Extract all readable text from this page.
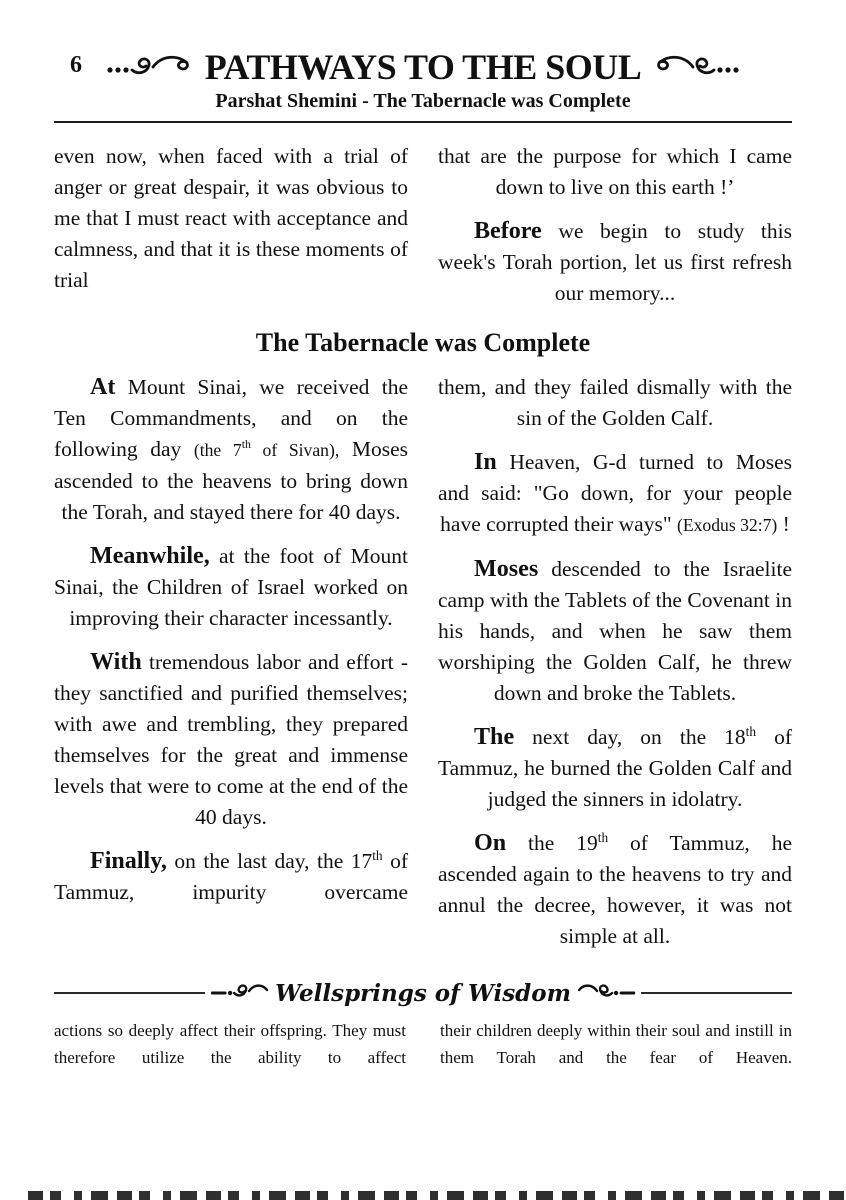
6	PATHWAYS TO THE SOUL
Parshat Shemini - The Tabernacle was Complete

even now, when faced with a trial of anger or great despair, it was obvious to me that I must react with acceptance and calmness, and that it is these moments of trial

that are the purpose for which I came down to live on this earth !’

Before we begin to study this week's Torah portion, let us first refresh our memory...

The Tabernacle was Complete

At Mount Sinai, we received the Ten Commandments, and on the following day (the 7th of Sivan), Moses ascended to the heavens to bring down the Torah, and stayed there for 40 days.

Meanwhile, at the foot of Mount Sinai, the Children of Israel worked on improving their character incessantly.

With tremendous labor and effort - they sanctified and purified themselves; with awe and trembling, they prepared themselves for the great and immense levels that were to come at the end of the 40 days.

Finally, on the last day, the 17th of Tammuz, impurity overcame

them, and they failed dismally with the sin of the Golden Calf.

In Heaven, G-d turned to Moses and said: "Go down, for your people have corrupted their ways" (Exodus 32:7) !

Moses descended to the Israelite camp with the Tablets of the Covenant in his hands, and when he saw them worshiping the Golden Calf, he threw down and broke the Tablets.

The next day, on the 18th of Tammuz, he burned the Golden Calf and judged the sinners in idolatry.

On the 19th of Tammuz, he ascended again to the heavens to try and annul the decree, however, it was not simple at all.

Wellsprings of Wisdom

actions so deeply affect their offspring. They must therefore utilize the ability to affect

their children deeply within their soul and instill in them Torah and the fear of Heaven.
